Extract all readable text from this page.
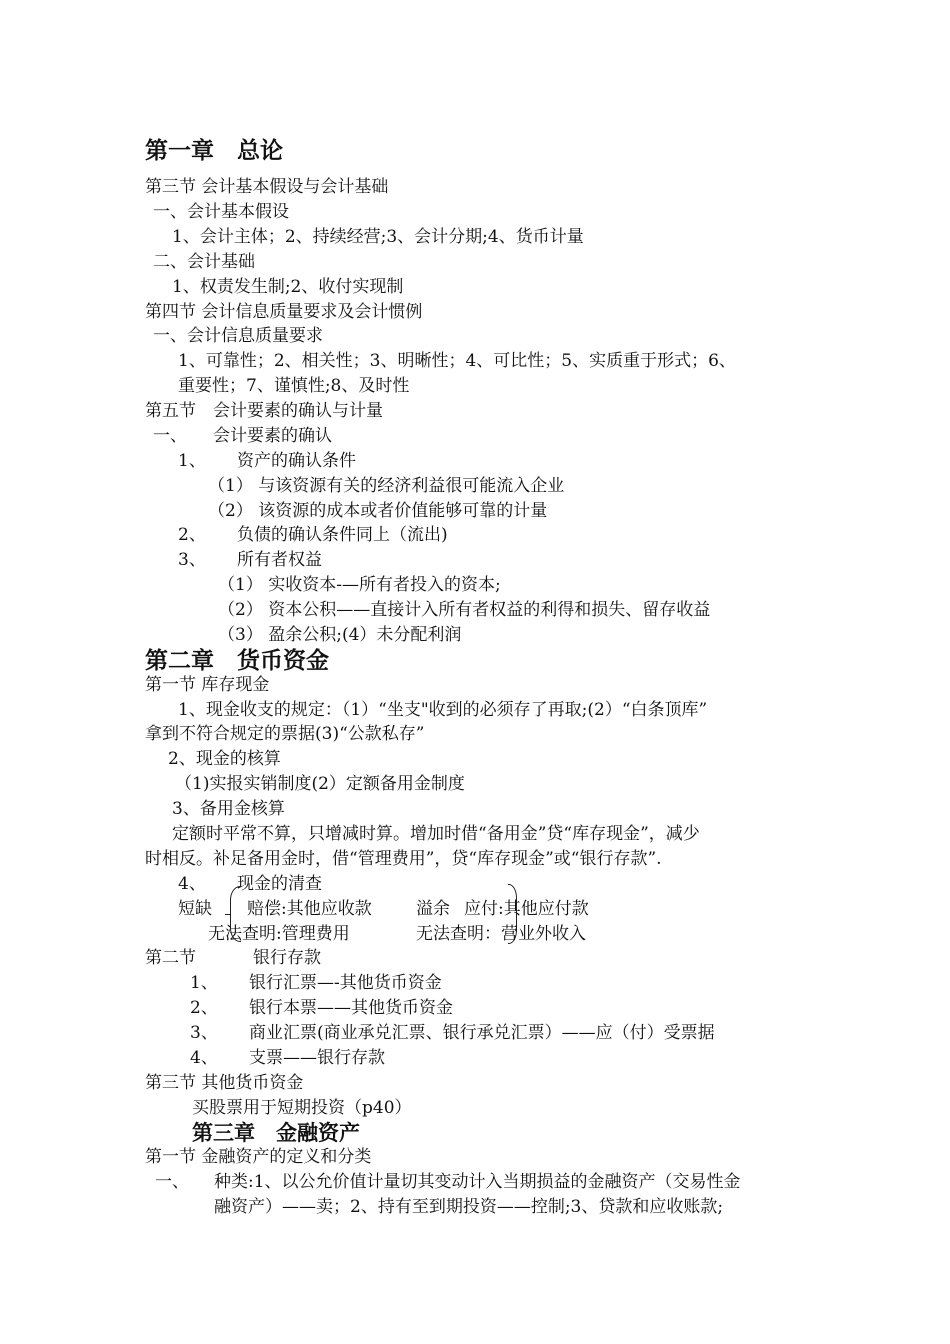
第一章　总论
第三节 会计基本假设与会计基础
一、会计基本假设
1、会计主体；2、持续经营;3、会计分期;4、货币计量
二、会计基础
1、权责发生制;2、收付实现制
第四节 会计信息质量要求及会计惯例
一、会计信息质量要求
1、可靠性；2、相关性；3、明晰性；4、可比性；5、实质重于形式；6、
重要性；7、谨慎性;8、及时性
第五节　会计要素的确认与计量
一、 会计要素的确认
1、 资产的确认条件
（1） 与该资源有关的经济利益很可能流入企业
（2） 该资源的成本或者价值能够可靠的计量
2、 负债的确认条件同上（流出)
3、 所有者权益
（1） 实收资本-—所有者投入的资本;
（2） 资本公积——直接计入所有者权益的利得和损失、留存收益
（3） 盈余公积;(4）未分配利润
第二章　货币资金
第一节 库存现金
1、现金收支的规定：（1）“坐支"收到的必须存了再取;(2）“白条顶库”
拿到不符合规定的票据(3)“公款私存”
2、现金的核算
（1)实报实销制度(2）定额备用金制度
3、备用金核算
定额时平常不算，只增减时算。增加时借“备用金”贷“库存现金”，减少
时相反。补足备用金时，借“管理费用”，贷“库存现金”或“银行存款”.
4、 现金的清查
短缺 赔偿:其他应收款
无法查明:管理费用
溢余 应付:其他应付款
无法查明：营业外收入
第二节	银行存款
1、 银行汇票—-其他货币资金
2、 银行本票——其他货币资金
3、 商业汇票(商业承兑汇票、银行承兑汇票）——应（付）受票据
4、 支票——银行存款
第三节 其他货币资金
买股票用于短期投资（p40）
第三章　金融资产
第一节 金融资产的定义和分类
一、 种类:1、以公允价值计量切其变动计入当期损益的金融资产（交易性金
融资产）——卖；2、持有至到期投资——控制;3、贷款和应收账款;
